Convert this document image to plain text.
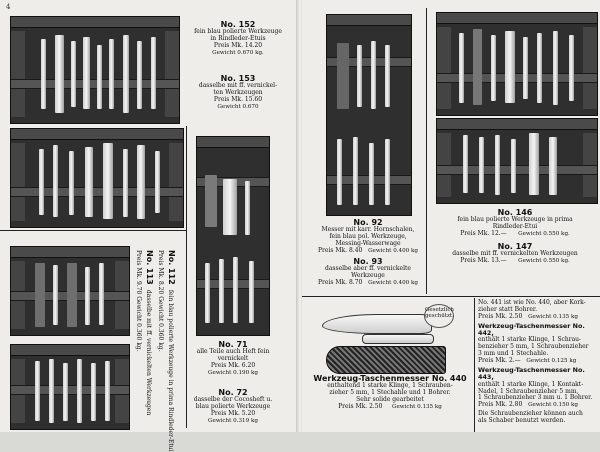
4
No. 152
fein blau polierte Werkzeuge
in Rindleder-Etuis
Preis Mk. 14.20
Gewicht 0.670 kg.
No. 153
dasselbe mit ff. vernickel-
ten Werkzeugen
Preis Mk. 15.60
Gewicht 0.670
No. 71
alle Teile auch Heft fein
vernickelt
Preis Mk. 6.20
Gewicht 0.190 kg
No. 72
dasselbe der Cocosheft u.
blau polierte Werkzeuge
Preis Mk. 5.20
Gewicht 0.319 kg
No. 112 fein blau polierte Werkzeuge in prima Rindleder-Etui
Preis Mk. 8.20 Gewicht 0.360 kg.
No. 113 dasselbe mit ff. vernickelten Werkzeugen
Preis Mk. 9.70 Gewicht 0.360 kg.
No. 92
Messer mit karr. Hornschalen,
fein blau pol. Werkzeuge,
Messing-Wasserwage
Preis Mk. 8.40 Gewicht 0.400 kg
No. 93
dasselbe aber ff. vernickelte
Werkzeuge
Preis Mk. 8.70 Gewicht 0.400 kg
No. 146
fein blau polierte Werkzeuge in prima
Rindleder-Etui
Preis Mk. 12.— Gewicht 0.550 kg.
No. 147
dasselbe mit ff. vernickelten Werkzeugen
Preis Mk. 13.— Gewicht 0.550 kg.
Gesetzlich geschützt.
Werkzeug-Taschenmesser No. 440
enthaltend 1 starke Klinge, 1 Schrauben-
zieher 5 mm, 1 Stechahle und 1 Bohrer.
Sehr solide gearbeitet
Preis Mk. 2.50 Gewicht 0.135 kg
No. 441 ist wie No. 440, aber Kork-
zieher statt Bohrer.
Preis Mk. 2.50 Gewicht 0.135 kg
Werkzeug-Taschenmesser No. 442,
enthält 1 starke Klinge, 1 Schrau-
benzieher 5 mm, 1 Schraubenzieher
3 mm und 1 Stechahle.
Preis Mk. 2.— Gewicht 0.125 kg
Werkzeug-Taschenmesser No. 443,
enthält 1 starke Klinge, 1 Kontakt-
Nadel, 1 Schraubenzieher 5 mm,
1 Schraubenzieher 3 mm u. 1 Bohrer.
Preis Mk. 2.80 Gewicht 0.150 kg
Die Schraubenzieher können auch
als Schaber benutzt werden.
